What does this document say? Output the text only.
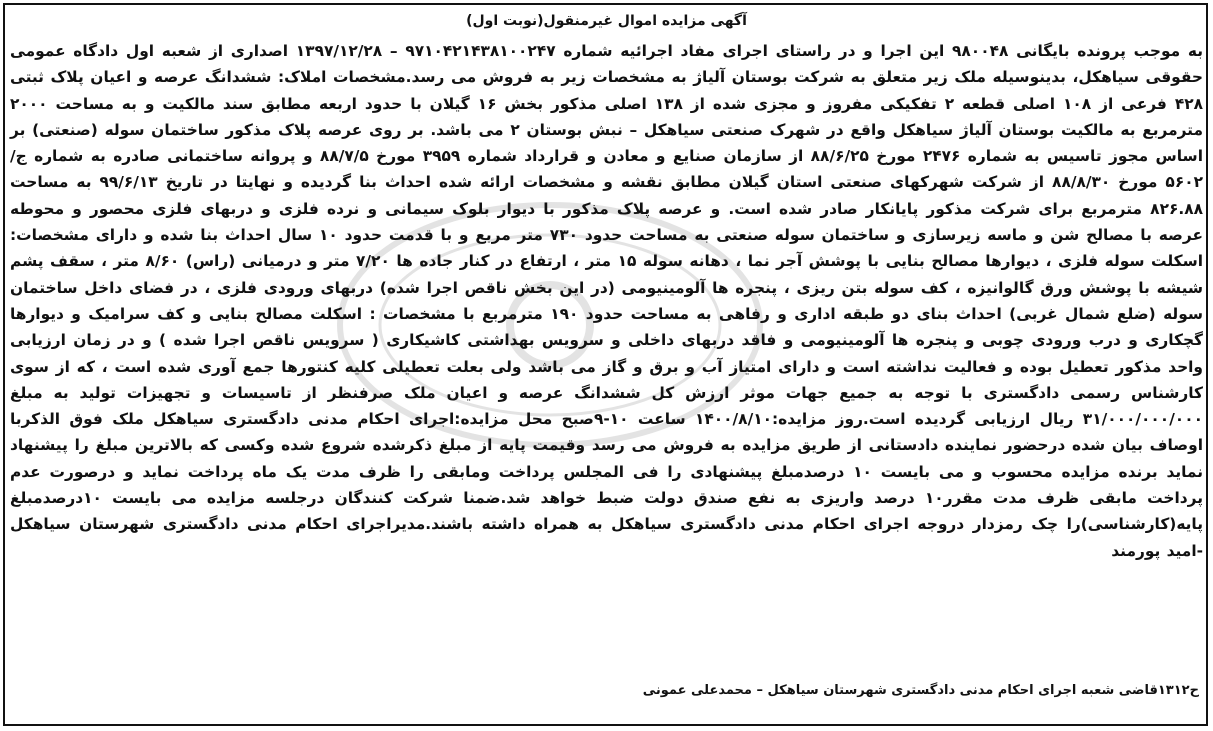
آگهی مزایده اموال غیرمنقول(نوبت اول)
به موجب پرونده بایگانی ۹۸۰۰۴۸ این اجرا و در راستای اجرای مفاد اجرائیه شماره ۹۷۱۰۴۲۱۴۳۸۱۰۰۲۴۷ – ۱۳۹۷/۱۲/۲۸ اصداری از شعبه اول دادگاه عمومی حقوقی سیاهکل، بدینوسیله ملک زیر متعلق به شرکت بوستان آلیاژ به مشخصات زیر به فروش می رسد.مشخصات املاک: ششدانگ عرصه و اعیان پلاک ثبتی ۴۲۸ فرعی از ۱۰۸ اصلی قطعه ۲ تفکیکی مفروز و مجزی شده از ۱۳۸ اصلی مذکور بخش ۱۶ گیلان با حدود اربعه مطابق سند مالکیت و به مساحت ۲۰۰۰ مترمربع به مالکیت بوستان آلیاژ سیاهکل واقع در شهرک صنعتی سیاهکل – نبش بوستان ۲ می باشد. بر روی عرصه پلاک مذکور ساختمان سوله (صنعتی) بر اساس مجوز تاسیس به شماره ۲۴۷۶ مورخ ۸۸/۶/۲۵ از سازمان صنایع و معادن و قرارداد شماره ۳۹۵۹ مورخ ۸۸/۷/۵ و پروانه ساختمانی صادره به شماره ج/۵۶۰۲ مورخ ۸۸/۸/۳۰ از شرکت شهرکهای صنعتی استان گیلان مطابق نقشه و مشخصات ارائه شده احداث بنا گردیده و نهایتا در تاریخ ۹۹/۶/۱۳ به مساحت ۸۲۶.۸۸ مترمربع برای شرکت مذکور پایانکار صادر شده است. و عرصه پلاک مذکور با دیوار بلوک سیمانی و نرده فلزی و دربهای فلزی محصور و محوطه عرصه با مصالح شن و ماسه زیرسازی و ساختمان سوله صنعتی به مساحت حدود ۷۳۰ متر مربع و با قدمت حدود ۱۰ سال احداث بنا شده و دارای مشخصات: اسکلت سوله فلزی ، دیوارها مصالح بنایی با پوشش آجر نما ، دهانه سوله ۱۵ متر ، ارتفاع در کنار جاده ها ۷/۲۰ متر و درمیانی (راس) ۸/۶۰ متر ، سقف پشم شیشه با پوشش ورق گالوانیزه ، کف سوله بتن ریزی ، پنجره ها آلومینیومی (در این بخش ناقص اجرا شده) دربهای ورودی فلزی ، در فضای داخل ساختمان سوله (ضلع شمال غربی) احداث بنای دو طبقه اداری و رفاهی به مساحت حدود ۱۹۰ مترمربع با مشخصات : اسکلت مصالح بنایی و کف سرامیک و دیوارها گچکاری و درب ورودی چوبی و پنجره ها آلومینیومی و فاقد دربهای داخلی و سرویس بهداشتی کاشیکاری ( سرویس ناقص اجرا شده ) و در زمان ارزیابی واحد مذکور تعطیل بوده و فعالیت نداشته است و دارای امتیاز آب و برق و گاز می باشد ولی بعلت تعطیلی کلیه کنتورها جمع آوری شده است ، که از سوی کارشناس رسمی دادگستری با توجه به جمیع جهات موثر ارزش کل ششدانگ عرصه و اعیان ملک صرفنظر از تاسیسات و تجهیزات تولید به مبلغ ۳۱/۰۰۰/۰۰۰/۰۰۰ ریال ارزیابی گردیده است.روز مزایده:۱۴۰۰/۸/۱۰ ساعت ۱۰-۹صبح محل مزایده:اجرای احکام مدنی دادگستری سیاهکل ملک فوق الذکربا اوصاف بیان شده درحضور نماینده دادستانی از طریق مزایده به فروش می رسد وقیمت پایه از مبلغ ذکرشده شروع شده وکسی که بالاترین مبلغ را پیشنهاد نماید برنده مزایده محسوب و می بایست ۱۰ درصدمبلغ پیشنهادی را فی المجلس پرداخت ومابقی را ظرف مدت یک ماه پرداخت نماید و درصورت عدم پرداخت مابقی ظرف مدت مقرر۱۰ درصد واریزی به نفع صندق دولت ضبط خواهد شد.ضمنا شرکت کنندگان درجلسه مزایده می بایست ۱۰درصدمبلغ پایه(کارشناسی)را چک رمزدار دروجه اجرای احکام مدنی دادگستری سیاهکل به همراه داشته باشند.مدیراجرای احکام مدنی دادگستری شهرستان سیاهکل -امید پورمند
ح۱۳۱۲قاضی شعبه اجرای احکام مدنی دادگستری شهرستان سیاهکل – محمدعلی عمونی
